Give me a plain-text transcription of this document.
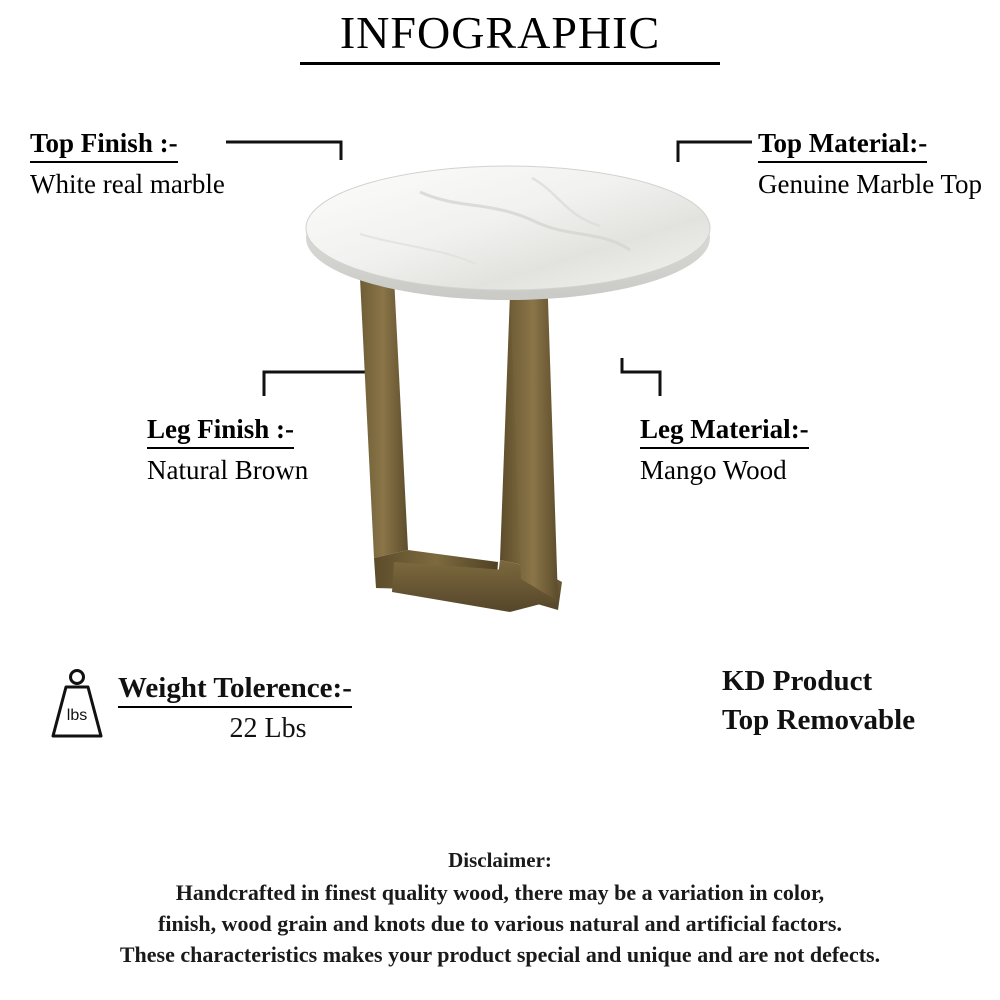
INFOGRAPHIC
Top Finish :-
White real marble
Top Material:-
Genuine Marble Top
Leg Finish :-
Natural Brown
Leg Material:-
Mango Wood
lbs
Weight Tolerence:-
22 Lbs
KD Product
Top Removable
Disclaimer:
Handcrafted in finest quality wood, there may be a variation in color,
finish, wood grain and knots due to various natural and artificial factors.
These characteristics makes your product special and unique and are not defects.
